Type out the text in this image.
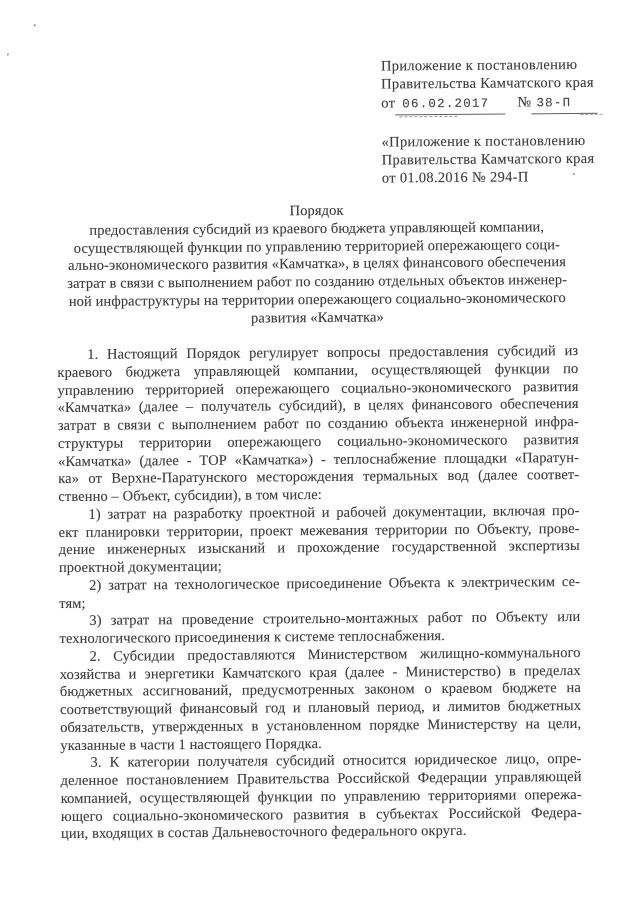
Приложение к постановлению
Правительства Камчатского края
от 06.02.2017	№ 38-П
«Приложение к постановлению
Правительства Камчатского края
от 01.08.2016 № 294-П
Порядок
предоставления субсидий из краевого бюджета управляющей компании,
осуществляющей функции по управлению территорией опережающего соци-
ально-экономического развития «Камчатка», в целях финансового обеспечения
затрат в связи с выполнением работ по созданию отдельных объектов инженер-
ной инфраструктуры на территории опережающего социально-экономического
развития «Камчатка»
1. Настоящий Порядок регулирует вопросы предоставления субсидий из
краевого бюджета управляющей компании, осуществляющей функции по
управлению территорией опережающего социально-экономического развития
«Камчатка» (далее – получатель субсидий), в целях финансового обеспечения
затрат в связи с выполнением работ по созданию объекта инженерной инфра-
структуры территории опережающего социально-экономического развития
«Камчатка» (далее - ТОР «Камчатка») - теплоснабжение площадки «Паратун-
ка» от Верхне-Паратунского месторождения термальных вод (далее соответ-
ственно – Объект, субсидии), в том числе:
1) затрат на разработку проектной и рабочей документации, включая про-
ект планировки территории, проект межевания территории по Объекту, прове-
дение инженерных изысканий и прохождение государственной экспертизы
проектной документации;
2) затрат на технологическое присоединение Объекта к электрическим се-
тям;
3) затрат на проведение строительно-монтажных работ по Объекту или
технологического присоединения к системе теплоснабжения.
2. Субсидии предоставляются Министерством жилищно-коммунального
хозяйства и энергетики Камчатского края (далее - Министерство) в пределах
бюджетных ассигнований, предусмотренных законом о краевом бюджете на
соответствующий финансовый год и плановый период, и лимитов бюджетных
обязательств, утвержденных в установленном порядке Министерству на цели,
указанные в части 1 настоящего Порядка.
3. К категории получателя субсидий относится юридическое лицо, опре-
деленное постановлением Правительства Российской Федерации управляющей
компанией, осуществляющей функции по управлению территориями опережа-
ющего социально-экономического развития в субъектах Российской Федера-
ции, входящих в состав Дальневосточного федерального округа.
